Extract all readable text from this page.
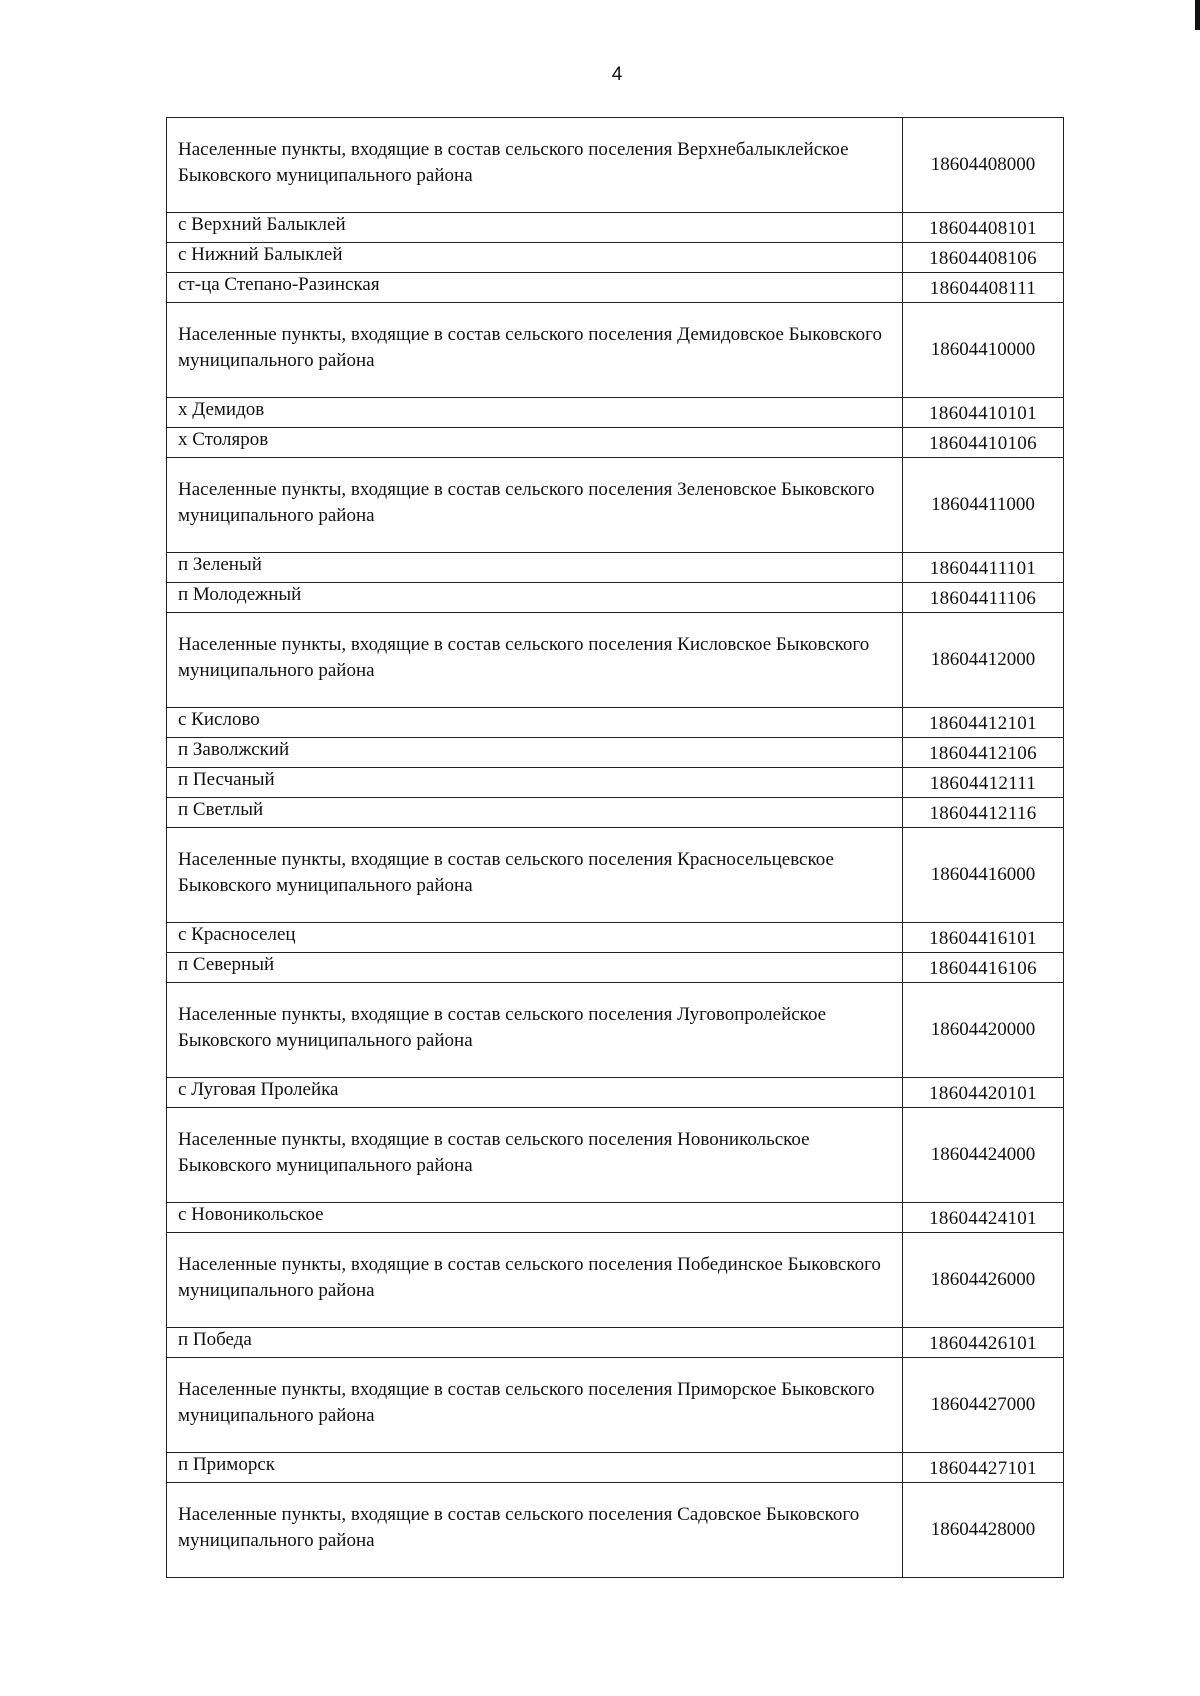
4
Населенные пункты, входящие в состав сельского поселения Верхнебалыклейское Быковского муниципального района	18604408000
с Верхний Балыклей	18604408101
с Нижний Балыклей	18604408106
ст-ца Степано-Разинская	18604408111
Населенные пункты, входящие в состав сельского поселения Демидовское Быковского муниципального района	18604410000
х Демидов	18604410101
х Столяров	18604410106
Населенные пункты, входящие в состав сельского поселения Зеленовское Быковского муниципального района	18604411000
п Зеленый	18604411101
п Молодежный	18604411106
Населенные пункты, входящие в состав сельского поселения Кисловское Быковского муниципального района	18604412000
с Кислово	18604412101
п Заволжский	18604412106
п Песчаный	18604412111
п Светлый	18604412116
Населенные пункты, входящие в состав сельского поселения Красносельцевское Быковского муниципального района	18604416000
с Красноселец	18604416101
п Северный	18604416106
Населенные пункты, входящие в состав сельского поселения Луговопролейское Быковского муниципального района	18604420000
с Луговая Пролейка	18604420101
Населенные пункты, входящие в состав сельского поселения Новоникольское Быковского муниципального района	18604424000
с Новоникольское	18604424101
Населенные пункты, входящие в состав сельского поселения Побединское Быковского муниципального района	18604426000
п Победа	18604426101
Населенные пункты, входящие в состав сельского поселения Приморское Быковского муниципального района	18604427000
п Приморск	18604427101
Населенные пункты, входящие в состав сельского поселения Садовское Быковского муниципального района	18604428000
